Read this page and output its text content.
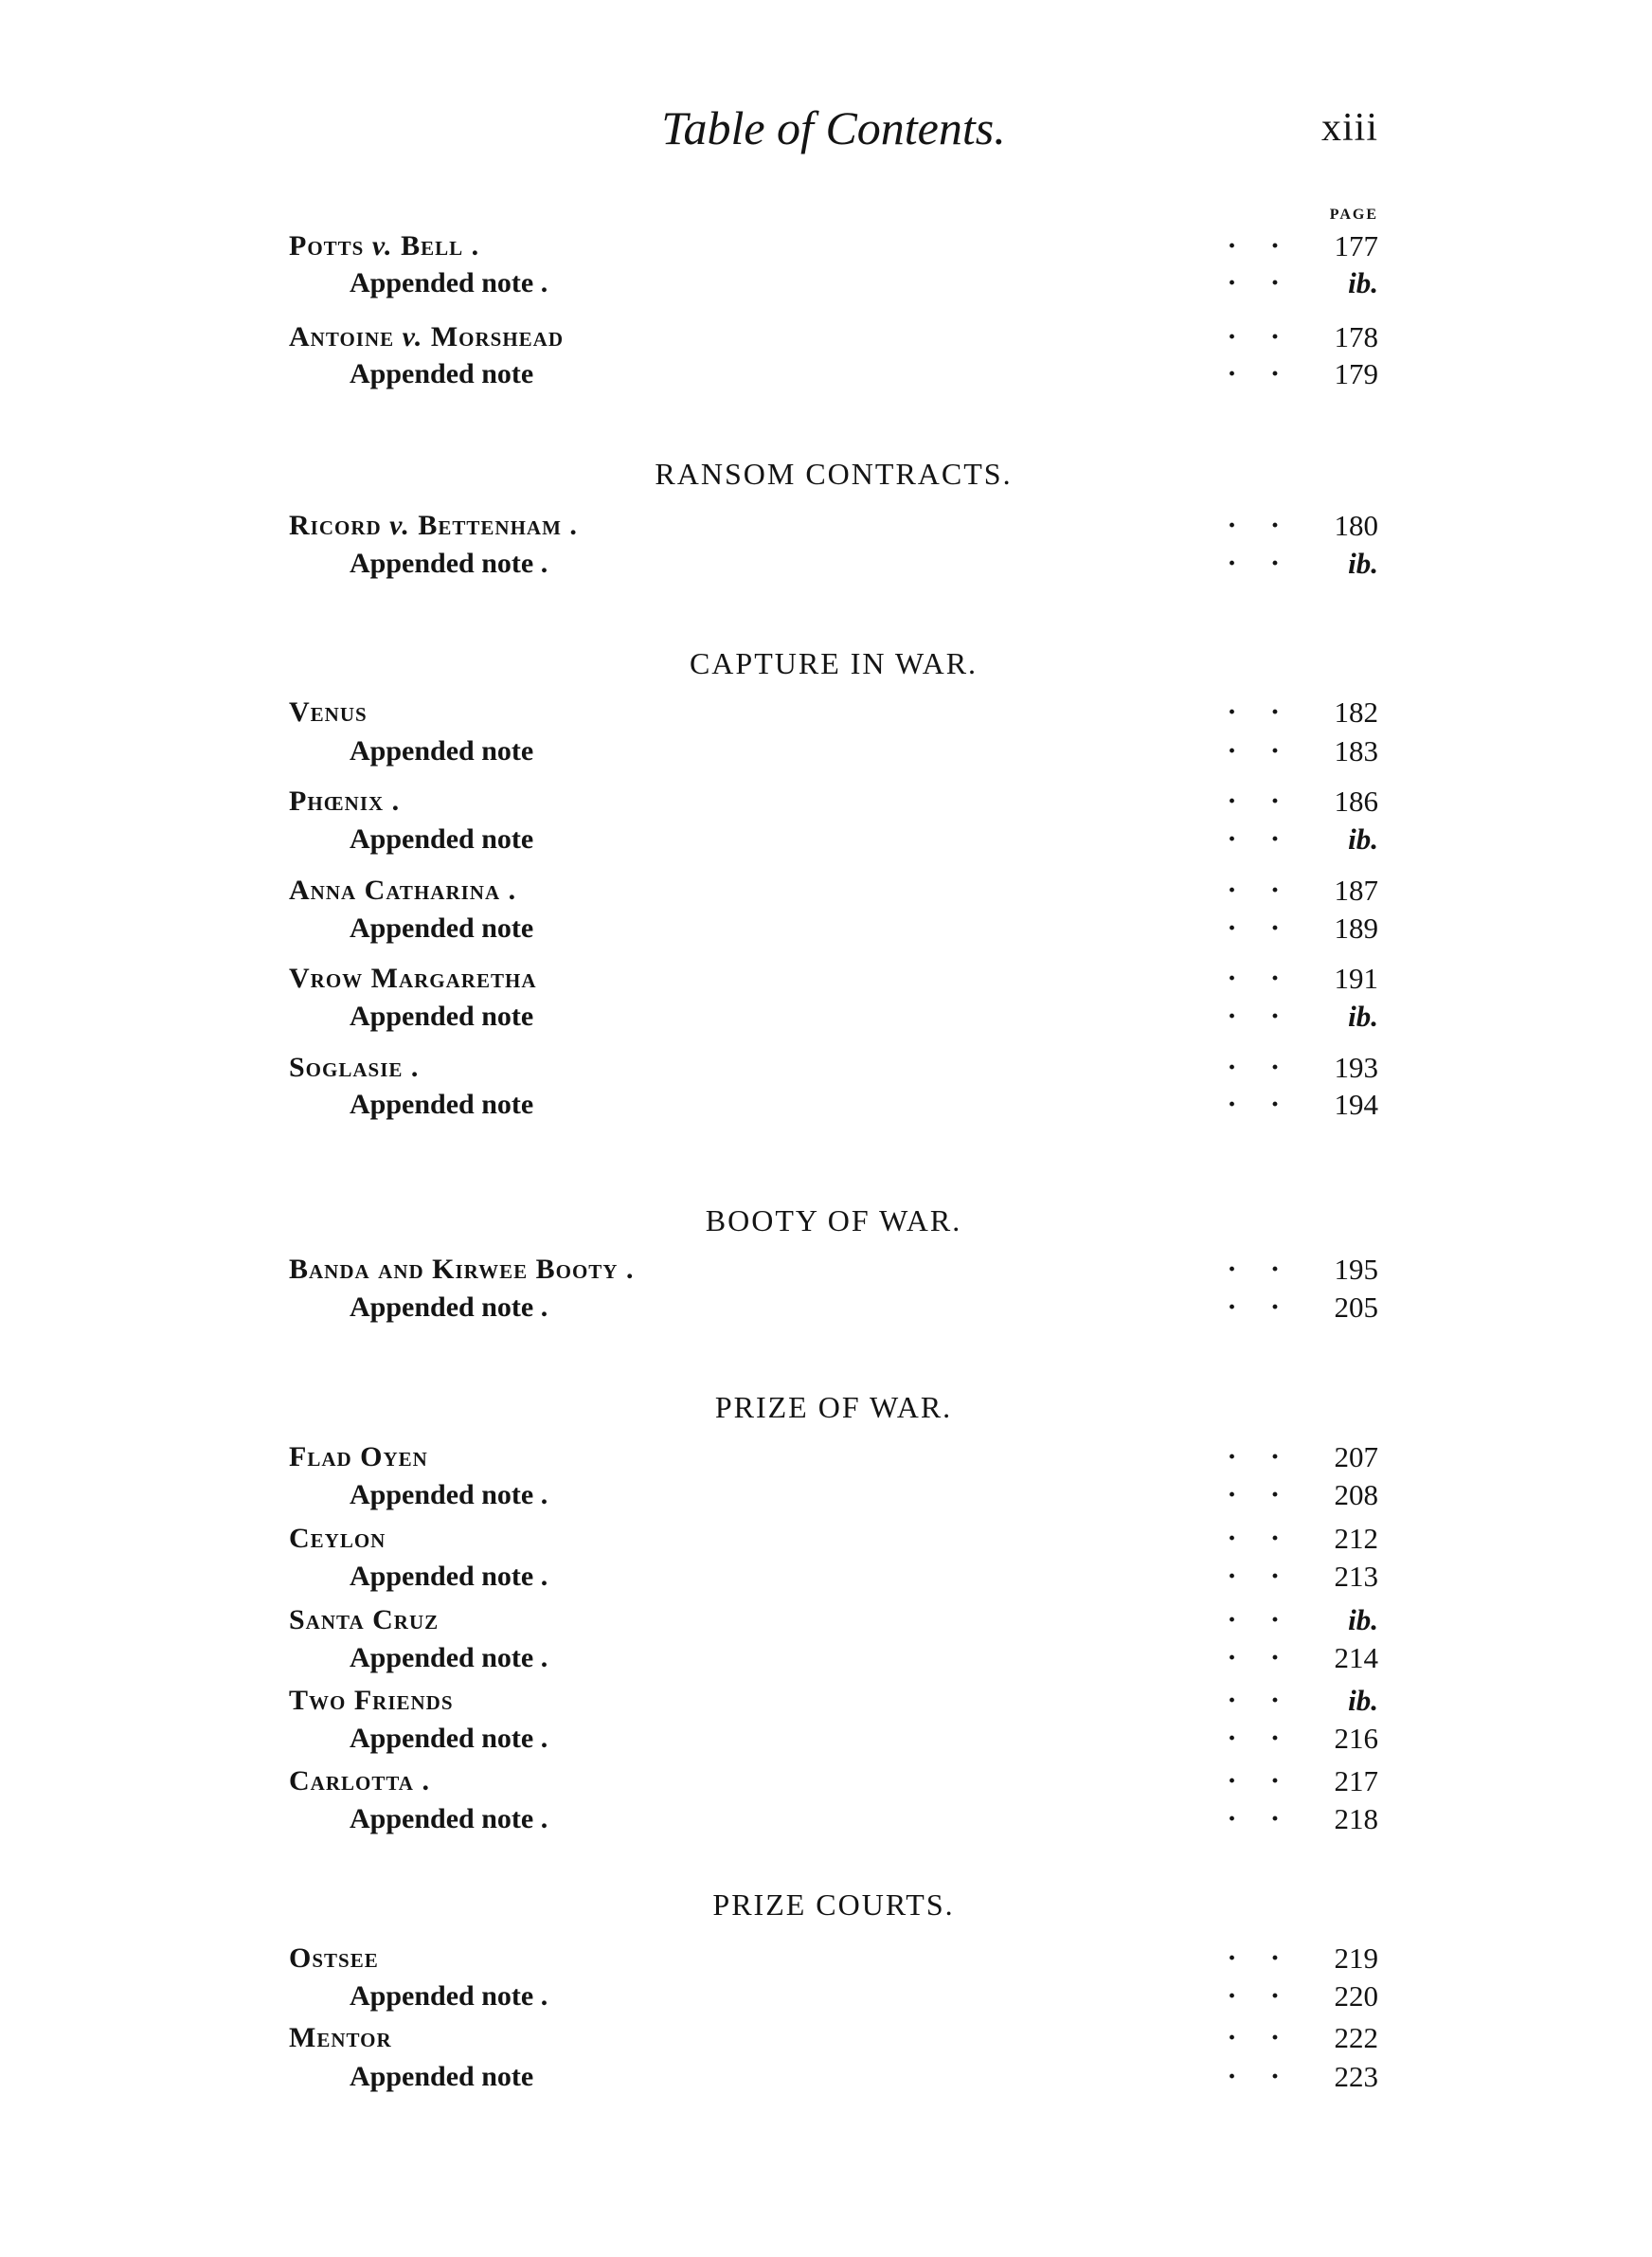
Table of Contents.	xiii
PAGE
Potts v. Bell .	· ·	177
Appended note .	· ·	ib.
Antoine v. Morshead	· ·	178
Appended note	· ·	179
RANSOM CONTRACTS.
Ricord v. Bettenham .	· ·	180
Appended note .	· ·	ib.
CAPTURE IN WAR.
Venus	· ·	182
Appended note	· ·	183
Phœnix .	· ·	186
Appended note	· ·	ib.
Anna Catharina .	· ·	187
Appended note	· ·	189
Vrow Margaretha	· ·	191
Appended note	· ·	ib.
Soglasie .	· ·	193
Appended note	· ·	194
BOOTY OF WAR.
Banda and Kirwee Booty .	· ·	195
Appended note .	· ·	205
PRIZE OF WAR.
Flad Oyen	· ·	207
Appended note .	· ·	208
Ceylon	· ·	212
Appended note .	· ·	213
Santa Cruz	· ·	ib.
Appended note .	· ·	214
Two Friends	· ·	ib.
Appended note .	· ·	216
Carlotta .	· ·	217
Appended note .	· ·	218
PRIZE COURTS.
Ostsee	· ·	219
Appended note .	· ·	220
Mentor	· ·	222
Appended note	· ·	223
